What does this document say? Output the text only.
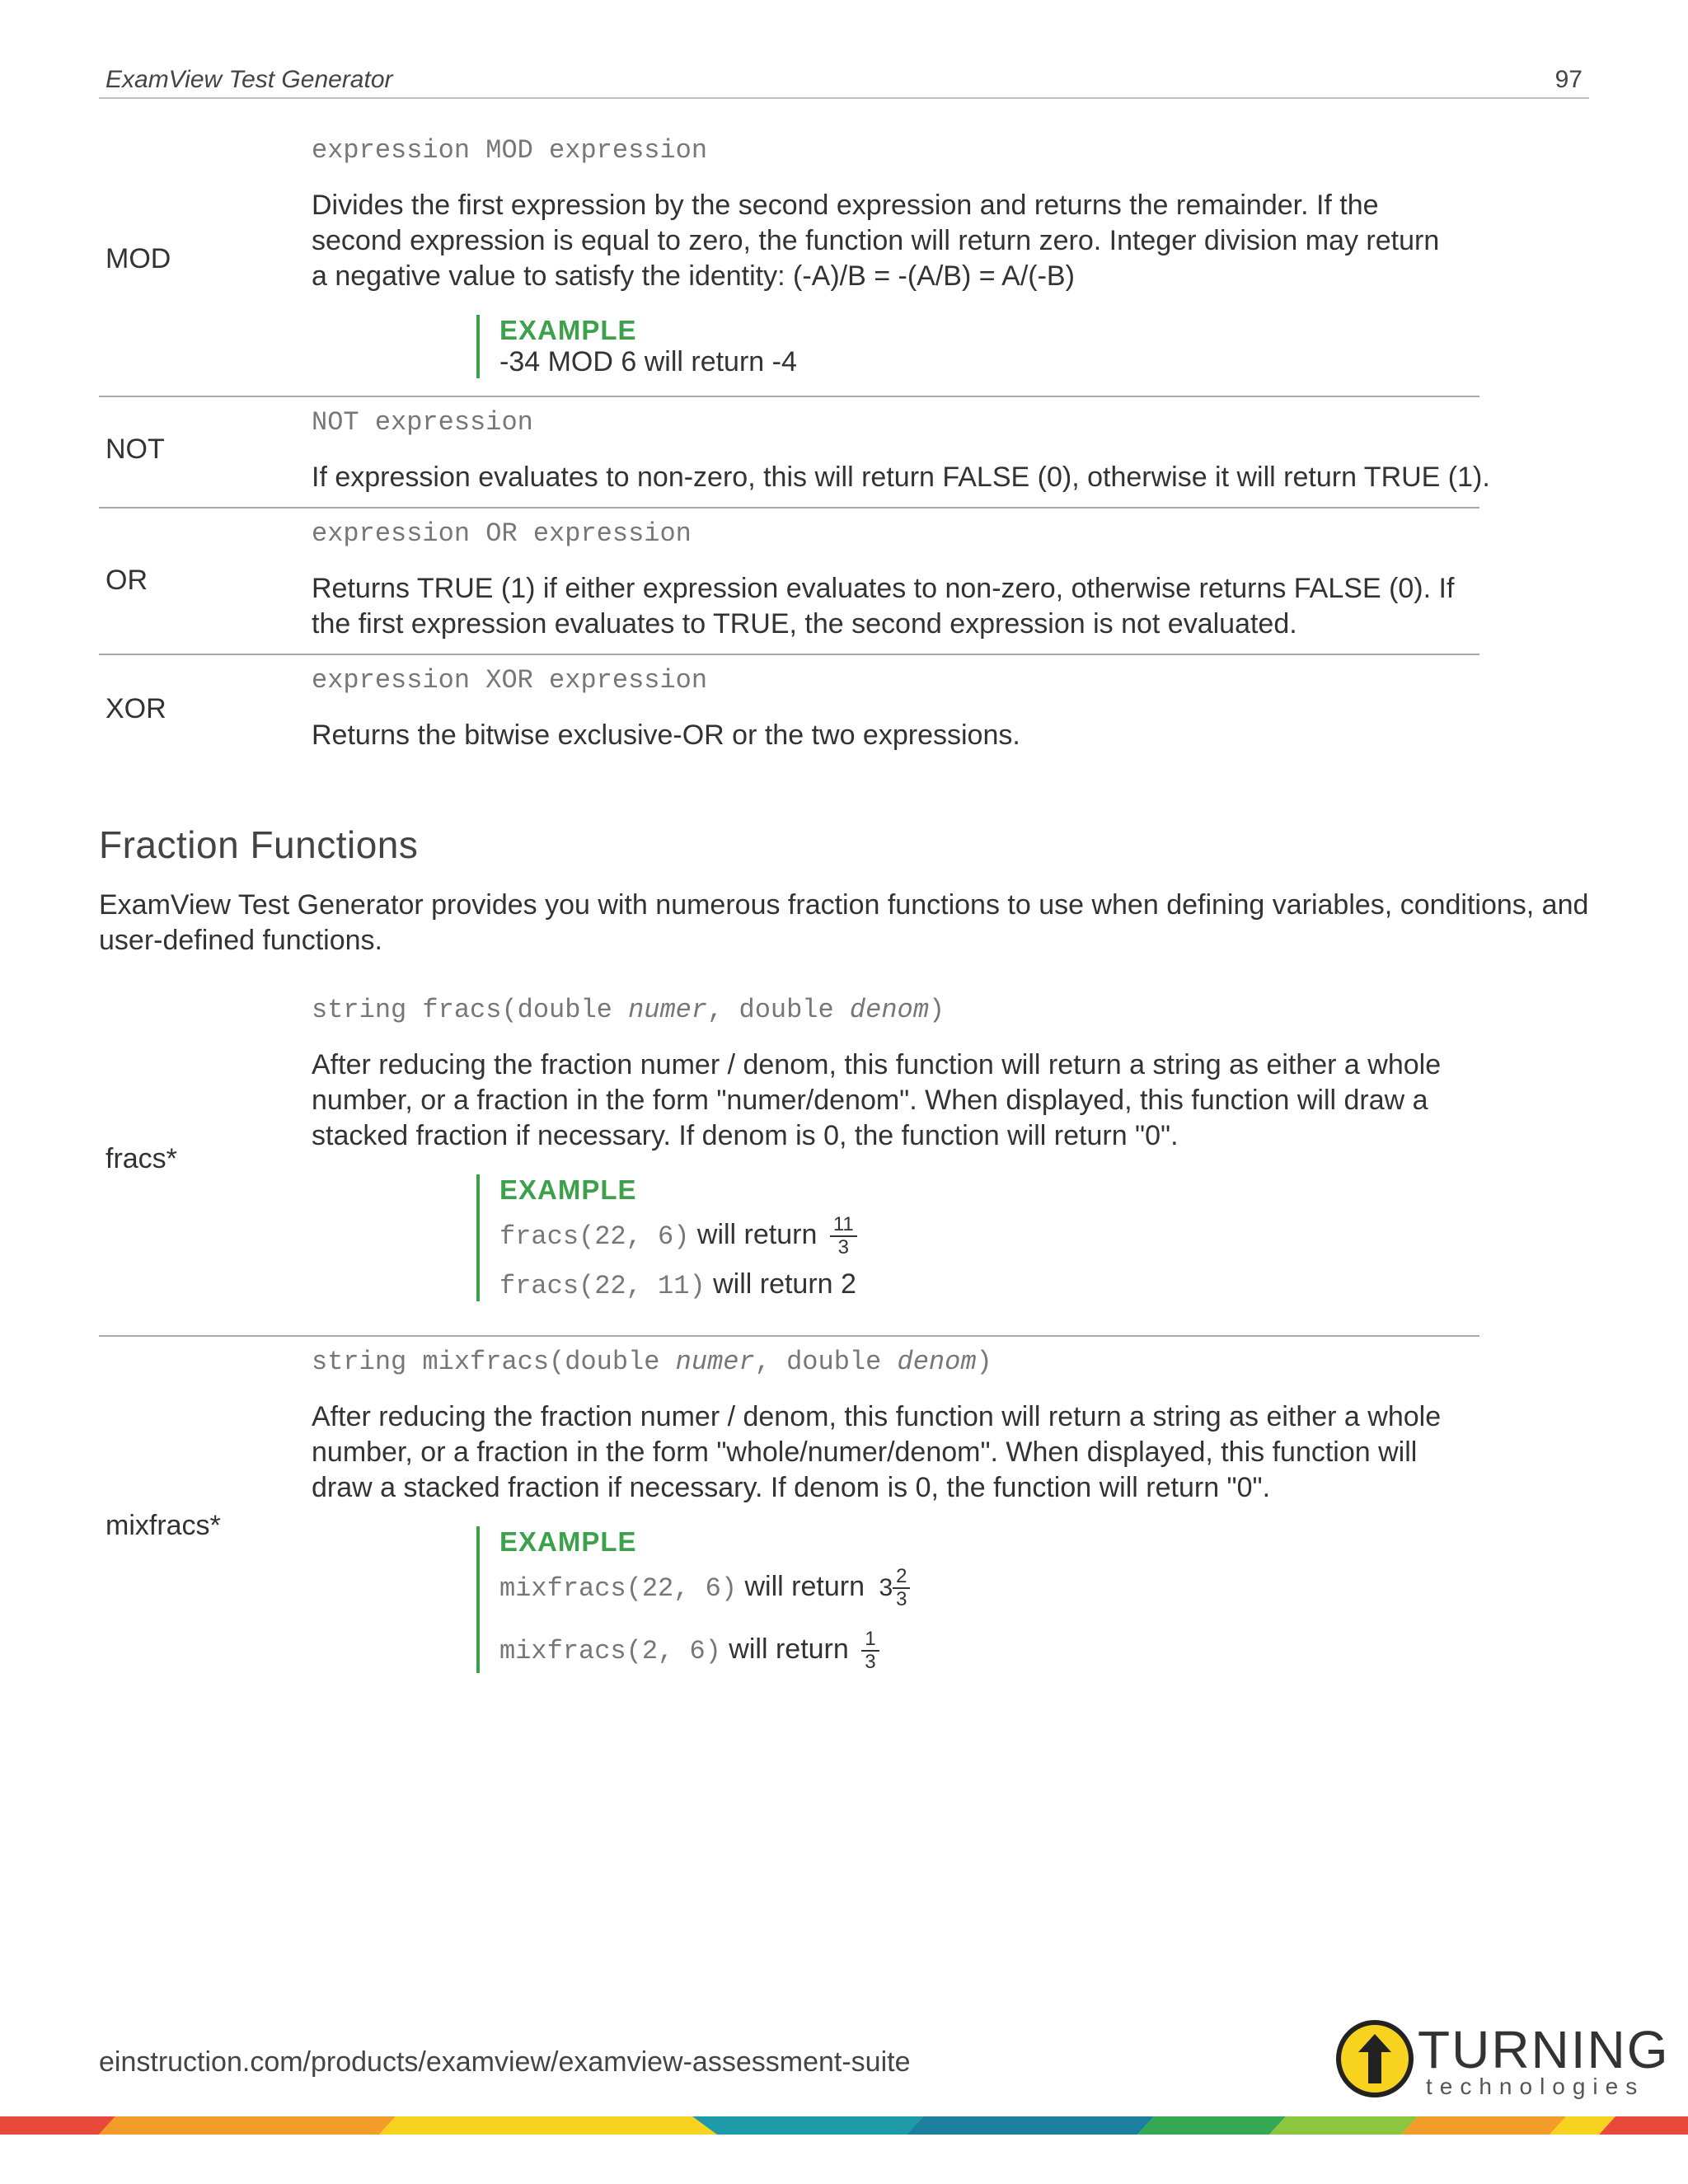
ExamView Test Generator	97
MOD
expression MOD expression
Divides the first expression by the second expression and returns the remainder. If the second expression is equal to zero, the function will return zero. Integer division may return a negative value to satisfy the identity: (-A)/B = -(A/B) = A/(-B)
EXAMPLE
-34 MOD 6 will return -4
NOT
NOT expression
If expression evaluates to non-zero, this will return FALSE (0), otherwise it will return TRUE (1).
OR
expression OR expression
Returns TRUE (1) if either expression evaluates to non-zero, otherwise returns FALSE (0). If the first expression evaluates to TRUE, the second expression is not evaluated.
XOR
expression XOR expression
Returns the bitwise exclusive-OR or the two expressions.
Fraction Functions
ExamView Test Generator provides you with numerous fraction functions to use when defining variables, conditions, and user-defined functions.
fracs*
string fracs(double numer, double denom)
After reducing the fraction numer / denom, this function will return a string as either a whole number, or a fraction in the form "numer/denom". When displayed, this function will draw a stacked fraction if necessary. If denom is 0, the function will return "0".
EXAMPLE
fracs(22, 6) will return $\frac{11}{3}$
fracs(22, 11) will return 2
mixfracs*
string mixfracs(double numer, double denom)
After reducing the fraction numer / denom, this function will return a string as either a whole number, or a fraction in the form "whole/numer/denom". When displayed, this function will draw a stacked fraction if necessary. If denom is 0, the function will return "0".
EXAMPLE
mixfracs(22, 6) will return $3 \frac{2}{3}$
mixfracs(2, 6) will return $\frac{1}{3}$
einstruction.com/products/examview/examview-assessment-suite	TURNING
technologies
